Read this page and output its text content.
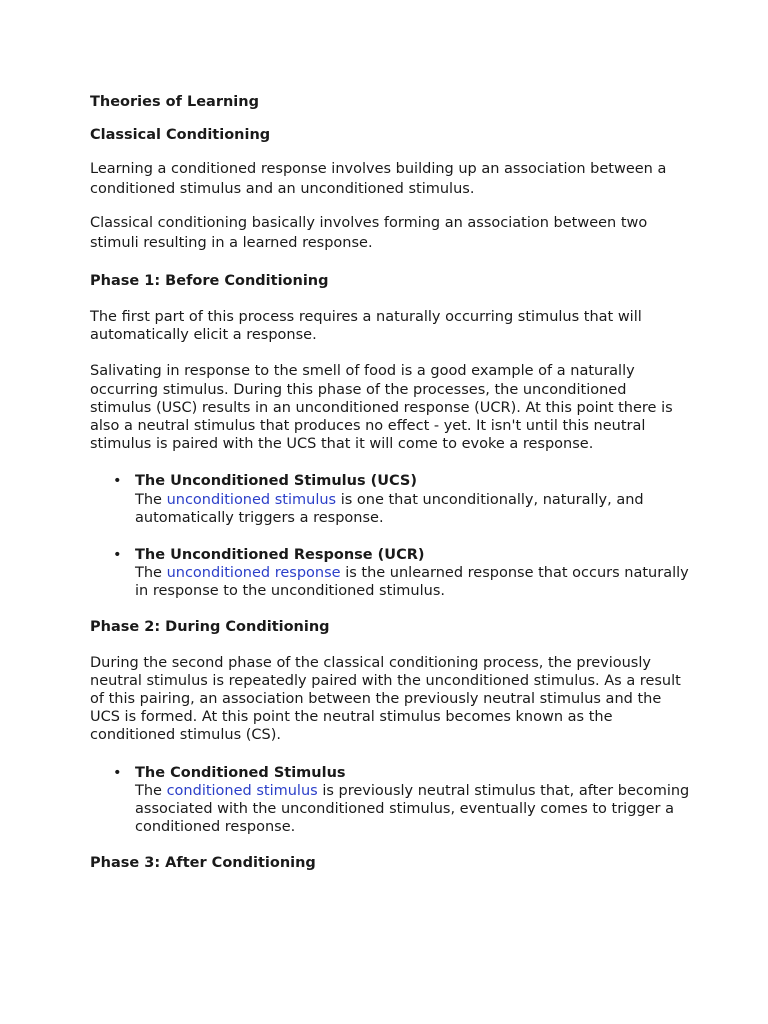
Theories of Learning

Classical Conditioning

Learning a conditioned response involves building up an association between a conditioned stimulus and an unconditioned stimulus.

Classical conditioning basically involves forming an association between two stimuli resulting in a learned response.

Phase 1: Before Conditioning

The first part of this process requires a naturally occurring stimulus that will automatically elicit a response.

Salivating in response to the smell of food is a good example of a naturally occurring stimulus. During this phase of the processes, the unconditioned stimulus (USC) results in an unconditioned response (UCR). At this point there is also a neutral stimulus that produces no effect - yet. It isn't until this neutral stimulus is paired with the UCS that it will come to evoke a response.

• The Unconditioned Stimulus (UCS)
The unconditioned stimulus is one that unconditionally, naturally, and automatically triggers a response.
• The Unconditioned Response (UCR)
The unconditioned response is the unlearned response that occurs naturally in response to the unconditioned stimulus.

Phase 2: During Conditioning

During the second phase of the classical conditioning process, the previously neutral stimulus is repeatedly paired with the unconditioned stimulus. As a result of this pairing, an association between the previously neutral stimulus and the UCS is formed. At this point the neutral stimulus becomes known as the conditioned stimulus (CS).

• The Conditioned Stimulus
The conditioned stimulus is previously neutral stimulus that, after becoming associated with the unconditioned stimulus, eventually comes to trigger a conditioned response.

Phase 3: After Conditioning
